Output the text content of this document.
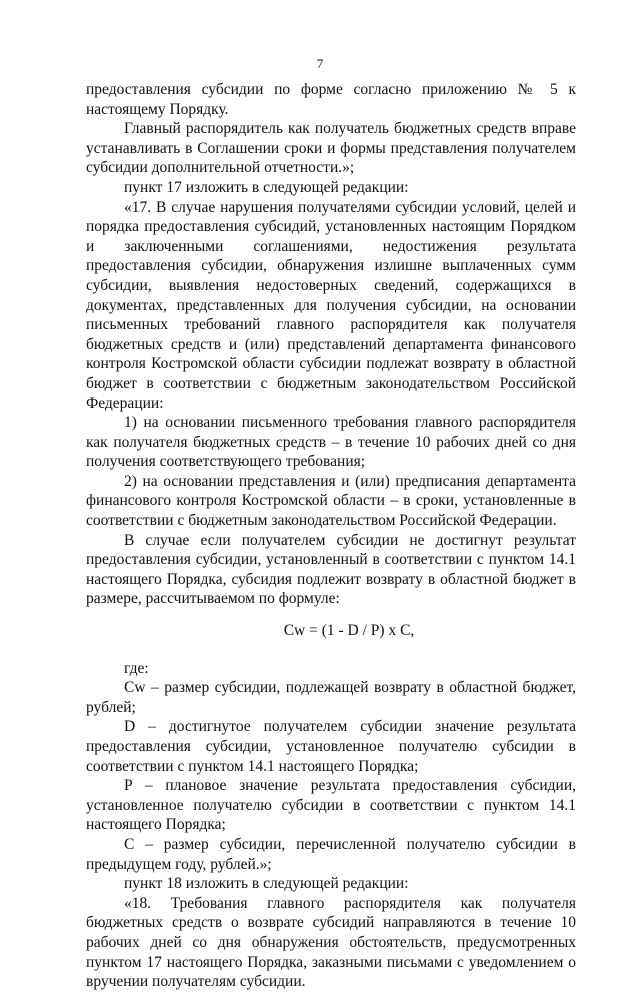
7

предоставления субсидии по форме согласно приложению № 5 к настоящему Порядку.

Главный распорядитель как получатель бюджетных средств вправе устанавливать в Соглашении сроки и формы представления получателем субсидии дополнительной отчетности.»;

пункт 17 изложить в следующей редакции:

«17. В случае нарушения получателями субсидии условий, целей и порядка предоставления субсидий, установленных настоящим Порядком и заключенными соглашениями, недостижения результата предоставления субсидии, обнаружения излишне выплаченных сумм субсидии, выявления недостоверных сведений, содержащихся в документах, представленных для получения субсидии, на основании письменных требований главного распорядителя как получателя бюджетных средств и (или) представлений департамента финансового контроля Костромской области субсидии подлежат возврату в областной бюджет в соответствии с бюджетным законодательством Российской Федерации:

1) на основании письменного требования главного распорядителя как получателя бюджетных средств – в течение 10 рабочих дней со дня получения соответствующего требования;

2) на основании представления и (или) предписания департамента финансового контроля Костромской области – в сроки, установленные в соответствии с бюджетным законодательством Российской Федерации.

В случае если получателем субсидии не достигнут результат предоставления субсидии, установленный в соответствии с пунктом 14.1 настоящего Порядка, субсидия подлежит возврату в областной бюджет в размере, рассчитываемом по формуле:

Cw = (1 - D / P) x C,

где:

Cw – размер субсидии, подлежащей возврату в областной бюджет, рублей;

D – достигнутое получателем субсидии значение результата предоставления субсидии, установленное получателю субсидии в соответствии с пунктом 14.1 настоящего Порядка;

P – плановое значение результата предоставления субсидии, установленное получателю субсидии в соответствии с пунктом 14.1 настоящего Порядка;

C – размер субсидии, перечисленной получателю субсидии в предыдущем году, рублей.»;

пункт 18 изложить в следующей редакции:

«18. Требования главного распорядителя как получателя бюджетных средств о возврате субсидий направляются в течение 10 рабочих дней со дня обнаружения обстоятельств, предусмотренных пунктом 17 настоящего Порядка, заказными письмами с уведомлением о вручении получателям субсидии.
